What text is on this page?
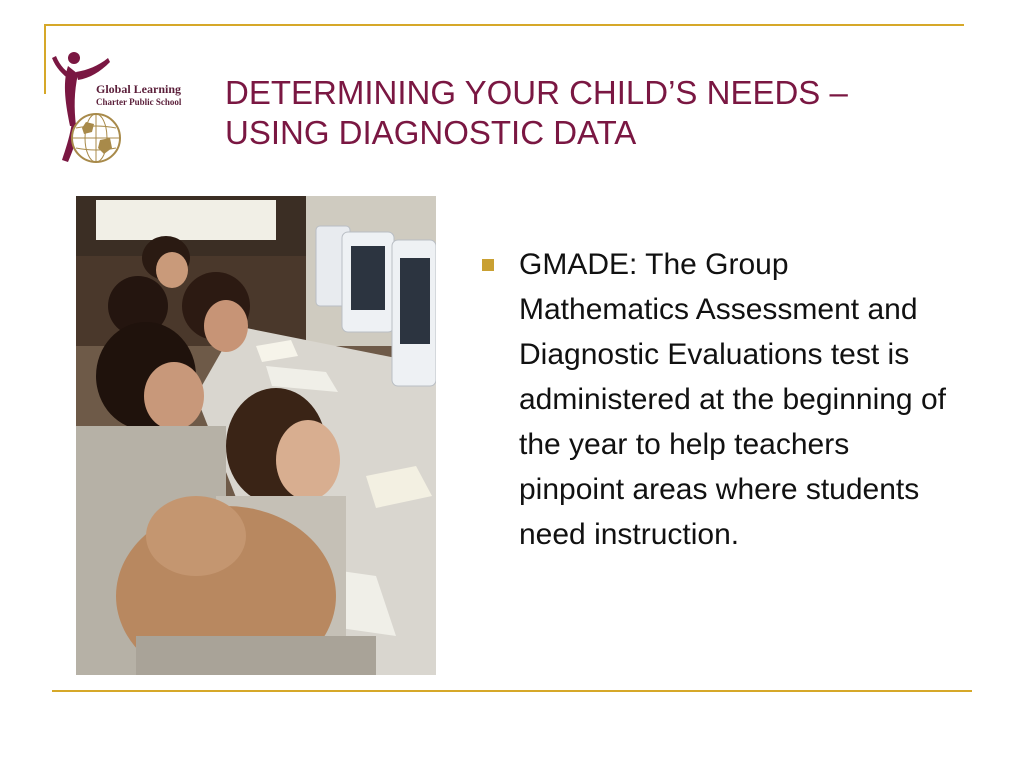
Global Learning
Charter Public School DETERMINING YOUR CHILD’S NEEDS –
USING DIAGNOSTIC DATA
GMADE: The Group Mathematics Assessment and Diagnostic Evaluations test is administered at the beginning of the year to help teachers pinpoint areas where students need instruction.
